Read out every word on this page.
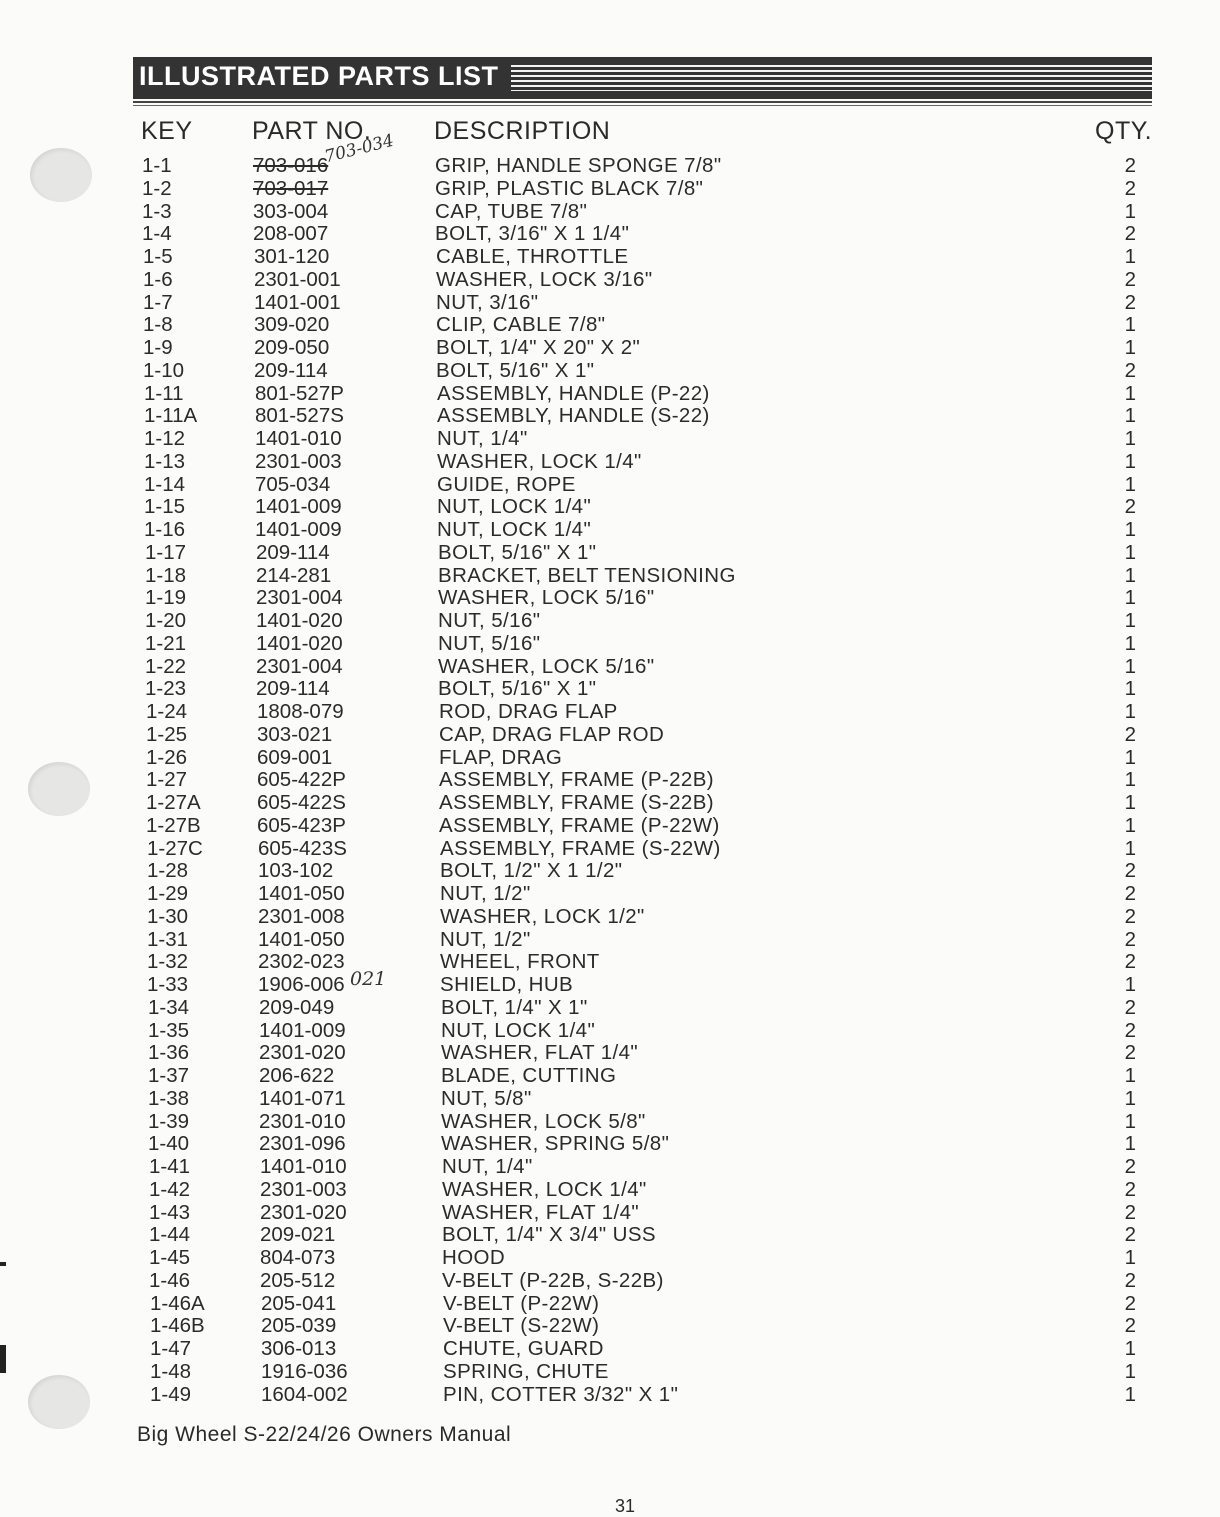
ILLUSTRATED PARTS LIST
KEY PART NO.	DESCRIPTION	QTY.
1-1	703-016	GRIP, HANDLE SPONGE 7/8"	2
1-2	703-017	GRIP, PLASTIC BLACK 7/8"	2
1-3	303-004	CAP, TUBE 7/8"	1
1-4	208-007	BOLT, 3/16" X 1 1/4"	2
1-5	301-120	CABLE, THROTTLE	1
1-6	2301-001	WASHER, LOCK 3/16"	2
1-7	1401-001	NUT, 3/16"	2
1-8	309-020	CLIP, CABLE 7/8"	1
1-9	209-050	BOLT, 1/4" X 20" X 2"	1
1-10	209-114	BOLT, 5/16" X 1"	2
1-11	801-527P	ASSEMBLY, HANDLE (P-22)	1
1-11A	801-527S	ASSEMBLY, HANDLE (S-22)	1
1-12	1401-010	NUT, 1/4"	1
1-13	2301-003	WASHER, LOCK 1/4"	1
1-14	705-034	GUIDE, ROPE	1
1-15	1401-009	NUT, LOCK 1/4"	2
1-16	1401-009	NUT, LOCK 1/4"	1
1-17	209-114	BOLT, 5/16" X 1"	1
1-18	214-281	BRACKET, BELT TENSIONING	1
1-19	2301-004	WASHER, LOCK 5/16"	1
1-20	1401-020	NUT, 5/16"	1
1-21	1401-020	NUT, 5/16"	1
1-22	2301-004	WASHER, LOCK 5/16"	1
1-23	209-114	BOLT, 5/16" X 1"	1
1-24	1808-079	ROD, DRAG FLAP	1
1-25	303-021	CAP, DRAG FLAP ROD	2
1-26	609-001	FLAP, DRAG	1
1-27	605-422P	ASSEMBLY, FRAME (P-22B)	1
1-27A	605-422S	ASSEMBLY, FRAME (S-22B)	1
1-27B	605-423P	ASSEMBLY, FRAME (P-22W)	1
1-27C	605-423S	ASSEMBLY, FRAME (S-22W)	1
1-28	103-102	BOLT, 1/2" X 1 1/2"	2
1-29	1401-050	NUT, 1/2"	2
1-30	2301-008	WASHER, LOCK 1/2"	2
1-31	1401-050	NUT, 1/2"	2
1-32	2302-023	WHEEL, FRONT	2
1-33	1906-006	SHIELD, HUB	1
1-34	209-049	BOLT, 1/4" X 1"	2
1-35	1401-009	NUT, LOCK 1/4"	2
1-36	2301-020	WASHER, FLAT 1/4"	2
1-37	206-622	BLADE, CUTTING	1
1-38	1401-071	NUT, 5/8"	1
1-39	2301-010	WASHER, LOCK 5/8"	1
1-40	2301-096	WASHER, SPRING 5/8"	1
1-41	1401-010	NUT, 1/4"	2
1-42	2301-003	WASHER, LOCK 1/4"	2
1-43	2301-020	WASHER, FLAT 1/4"	2
1-44	209-021	BOLT, 1/4" X 3/4" USS	2
1-45	804-073	HOOD	1
1-46	205-512	V-BELT (P-22B, S-22B)	2
1-46A	205-041	V-BELT (P-22W)	2
1-46B	205-039	V-BELT (S-22W)	2
1-47	306-013	CHUTE, GUARD	1
1-48	1916-036	SPRING, CHUTE	1
1-49	1604-002	PIN, COTTER 3/32" X 1"	1
703-034
Big Wheel S-22/24/26 Owners Manual
31
021
